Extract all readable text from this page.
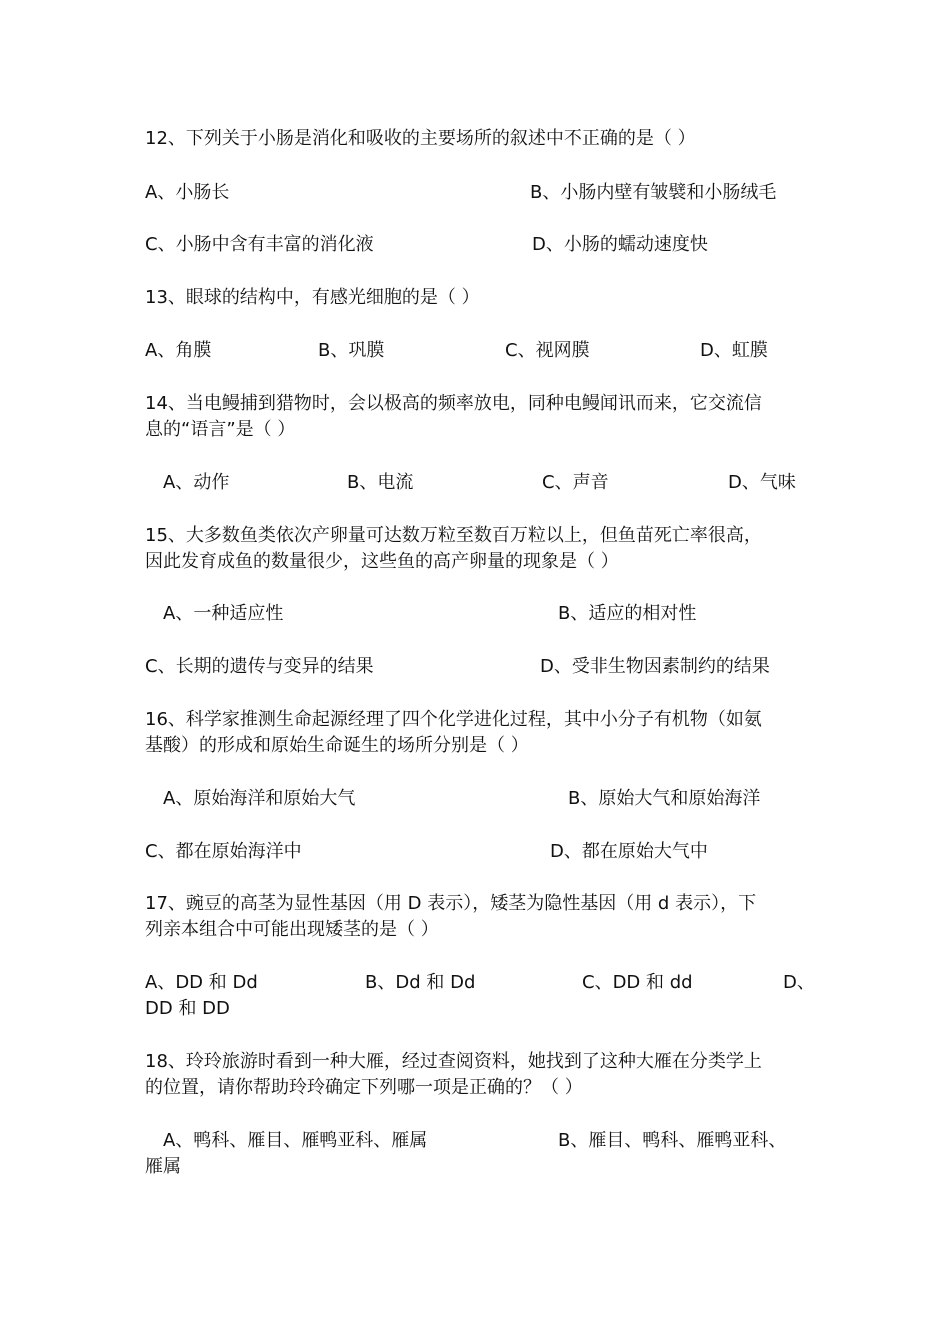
12、下列关于小肠是消化和吸收的主要场所的叙述中不正确的是（ ）
A、小肠长	B、小肠内壁有皱襞和小肠绒毛
C、小肠中含有丰富的消化液	D、小肠的蠕动速度快
13、眼球的结构中，有感光细胞的是（ ）
A、角膜	B、巩膜	C、视网膜	D、虹膜
14、当电鳗捕到猎物时，会以极高的频率放电，同种电鳗闻讯而来，它交流信
息的“语言”是（ ）
A、动作	B、电流	C、声音	D、气味
15、大多数鱼类依次产卵量可达数万粒至数百万粒以上，但鱼苗死亡率很高，
因此发育成鱼的数量很少，这些鱼的高产卵量的现象是（ ）
A、一种适应性	B、适应的相对性
C、长期的遗传与变异的结果	D、受非生物因素制约的结果
16、科学家推测生命起源经理了四个化学进化过程，其中小分子有机物（如氨
基酸）的形成和原始生命诞生的场所分别是（ ）
A、原始海洋和原始大气	B、原始大气和原始海洋
C、都在原始海洋中	D、都在原始大气中
17、豌豆的高茎为显性基因（用 D 表示），矮茎为隐性基因（用 d 表示），下
列亲本组合中可能出现矮茎的是（ ）
A、DD 和 Dd	B、Dd 和 Dd	C、DD 和 dd	D、
DD 和 DD
18、玲玲旅游时看到一种大雁，经过查阅资料，她找到了这种大雁在分类学上
的位置，请你帮助玲玲确定下列哪一项是正确的？（ ）
A、鸭科、雁目、雁鸭亚科、雁属	B、雁目、鸭科、雁鸭亚科、
雁属
